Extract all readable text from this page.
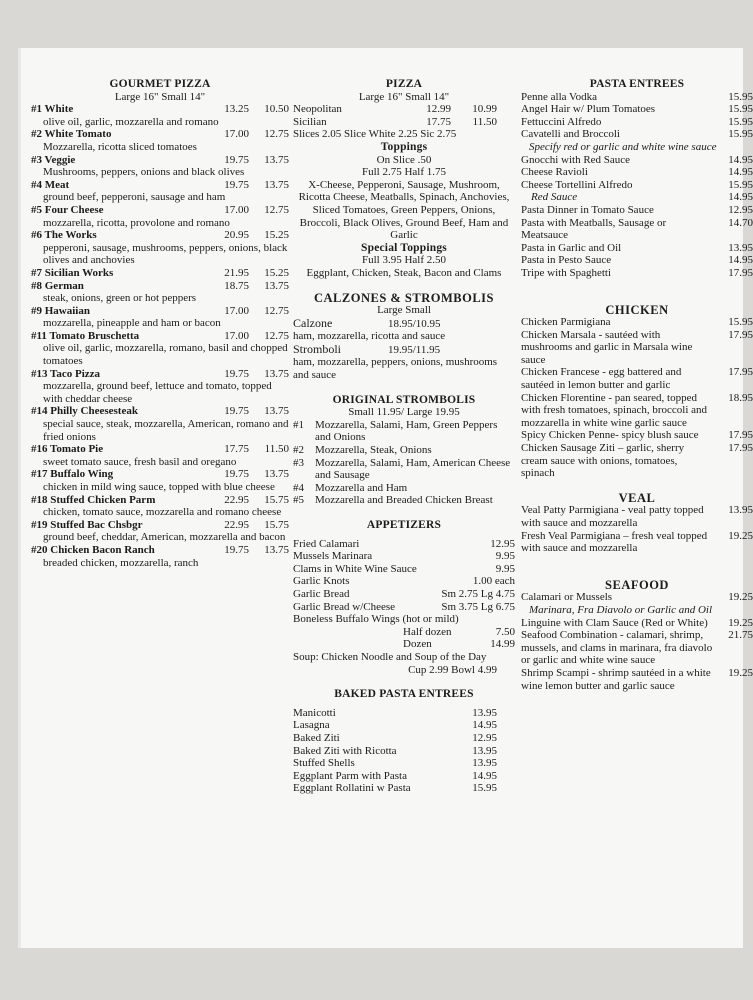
GOURMET PIZZA
Large 16" Small 14"
#1 White	13.25	10.50
olive oil, garlic, mozzarella and romano
#2 White Tomato	17.00	12.75
Mozzarella, ricotta sliced tomatoes
#3 Veggie	19.75	13.75
Mushrooms, peppers, onions and black olives
#4 Meat	19.75	13.75
ground beef, pepperoni, sausage and ham
#5 Four Cheese	17.00	12.75
mozzarella, ricotta, provolone and romano
#6 The Works	20.95	15.25
pepperoni, sausage, mushrooms, peppers, onions, black olives and anchovies
#7 Sicilian Works	21.95	15.25
#8 German	18.75	13.75
steak, onions, green or hot peppers
#9 Hawaiian	17.00	12.75
mozzarella, pineapple and ham or bacon
#11 Tomato Bruschetta	17.00	12.75
olive oil, garlic, mozzarella, romano, basil and chopped tomatoes
#13 Taco Pizza	19.75	13.75
mozzarella, ground beef, lettuce and tomato, topped with cheddar cheese
#14 Philly Cheesesteak	19.75	13.75
special sauce, steak, mozzarella, American, romano and fried onions
#16 Tomato Pie	17.75	11.50
sweet tomato sauce, fresh basil and oregano
#17 Buffalo Wing	19.75	13.75
chicken in mild wing sauce, topped with blue cheese
#18 Stuffed Chicken Parm	22.95	15.75
chicken, tomato sauce, mozzarella and romano cheese
#19 Stuffed Bac Chsbgr	22.95	15.75
ground beef, cheddar, American, mozzarella and bacon
#20 Chicken Bacon Ranch	19.75	13.75
breaded chicken, mozzarella, ranch
PIZZA
Large 16" Small 14"
Neopolitan	12.99	10.99
Sicilian	17.75	11.50
Slices 2.05 Slice White 2.25 Sic 2.75
Toppings
On Slice .50
Full 2.75 Half 1.75
X-Cheese, Pepperoni, Sausage, Mushroom, Ricotta Cheese, Meatballs, Spinach, Anchovies, Sliced Tomatoes, Green Peppers, Onions, Broccoli, Black Olives, Ground Beef, Ham and Garlic
Special Toppings
Full 3.95 Half 2.50
Eggplant, Chicken, Steak, Bacon and Clams
CALZONES & STROMBOLIS
Large Small
Calzone	18.95/10.95
ham, mozzarella, ricotta and sauce
Stromboli	19.95/11.95
ham, mozzarella, peppers, onions, mushrooms and sauce
ORIGINAL STROMBOLIS
Small 11.95/ Large 19.95
#1	Mozzarella, Salami, Ham, Green Peppers and Onions
#2	Mozzarella, Steak, Onions
#3	Mozzarella, Salami, Ham, American Cheese and Sausage
#4	Mozzarella and Ham
#5	Mozzarella and Breaded Chicken Breast
APPETIZERS
Fried Calamari	12.95
Mussels Marinara	9.95
Clams in White Wine Sauce	9.95
Garlic Knots	1.00 each
Garlic Bread	Sm 2.75 Lg 4.75
Garlic Bread w/Cheese	Sm 3.75 Lg 6.75
Boneless Buffalo Wings (hot or mild)
Half dozen	7.50
Dozen	14.99
Soup: Chicken Noodle and Soup of the Day
Cup 2.99 Bowl 4.99
BAKED PASTA ENTREES
Manicotti	13.95
Lasagna	14.95
Baked Ziti	12.95
Baked Ziti with Ricotta	13.95
Stuffed Shells	13.95
Eggplant Parm with Pasta	14.95
Eggplant Rollatini w Pasta	15.95
PASTA ENTREES
Penne alla Vodka	15.95
Angel Hair w/ Plum Tomatoes	15.95
Fettuccini Alfredo	15.95
Cavatelli and Broccoli	15.95
Specify red or garlic and white wine sauce
Gnocchi with Red Sauce	14.95
Cheese Ravioli	14.95
Cheese Tortellini Alfredo	15.95
Red Sauce	14.95
Pasta Dinner in Tomato Sauce	12.95
Pasta with Meatballs, Sausage or Meatsauce
14.70
Pasta in Garlic and Oil	13.95
Pasta in Pesto Sauce	14.95
Tripe with Spaghetti	17.95
CHICKEN
Chicken Parmigiana	15.95
Chicken Marsala - sautéed with mushrooms and garlic in Marsala wine sauce
17.95
Chicken Francese - egg battered and sautéed in lemon butter and garlic
17.95
Chicken Florentine - pan seared, topped with fresh tomatoes, spinach, broccoli and mozzarella in white wine garlic sauce
18.95
Spicy Chicken Penne- spicy blush sauce	17.95
Chicken Sausage Ziti – garlic, sherry cream sauce with onions, tomatoes, spinach
17.95
VEAL
Veal Patty Parmigiana - veal patty topped with sauce and mozzarella
13.95
Fresh Veal Parmigiana – fresh veal topped with sauce and mozzarella
19.25
SEAFOOD
Calamari or Mussels	19.25
Marinara, Fra Diavolo or Garlic and Oil
Linguine with Clam Sauce (Red or White)	19.25
Seafood Combination - calamari, shrimp, mussels, and clams in marinara, fra diavolo or garlic and white wine sauce
21.75
Shrimp Scampi - shrimp sautéed in a white wine lemon butter and garlic sauce
19.25
